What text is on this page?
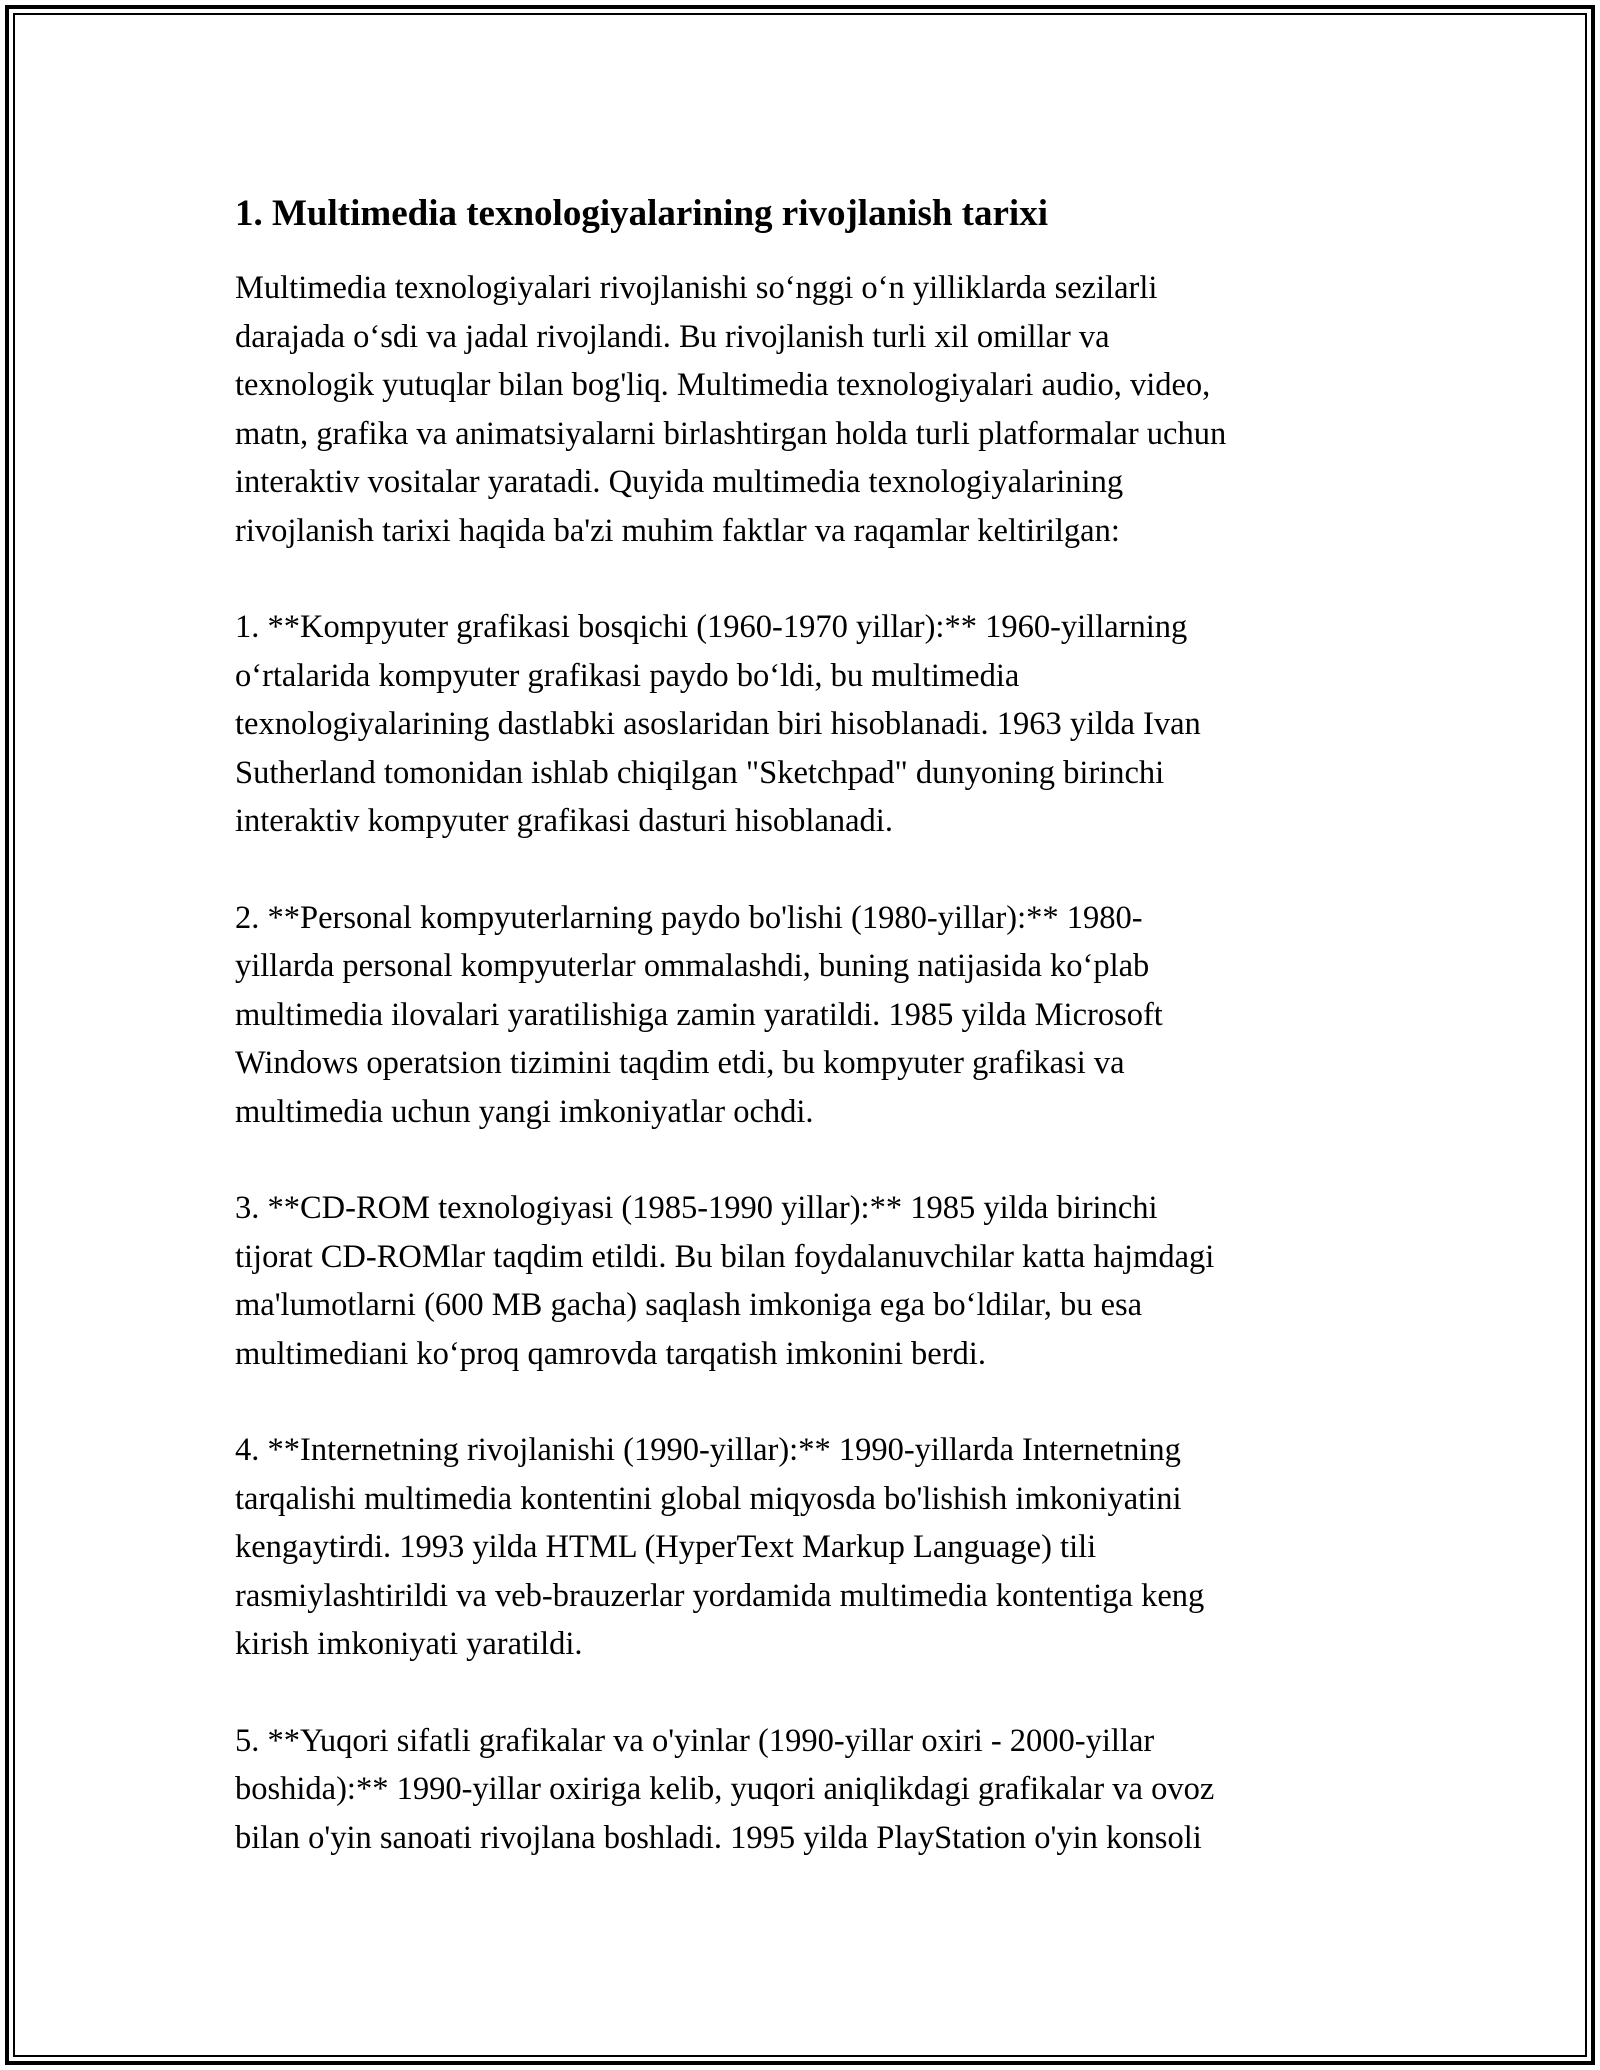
1. Multimedia texnologiyalarining rivojlanish tarixi

Multimedia texnologiyalari rivojlanishi so‘nggi o‘n yilliklarda sezilarli
darajada o‘sdi va jadal rivojlandi. Bu rivojlanish turli xil omillar va
texnologik yutuqlar bilan bog'liq. Multimedia texnologiyalari audio, video,
matn, grafika va animatsiyalarni birlashtirgan holda turli platformalar uchun
interaktiv vositalar yaratadi. Quyida multimedia texnologiyalarining
rivojlanish tarixi haqida ba'zi muhim faktlar va raqamlar keltirilgan:

1. **Kompyuter grafikasi bosqichi (1960-1970 yillar):** 1960-yillarning
o‘rtalarida kompyuter grafikasi paydo bo‘ldi, bu multimedia
texnologiyalarining dastlabki asoslaridan biri hisoblanadi. 1963 yilda Ivan
Sutherland tomonidan ishlab chiqilgan "Sketchpad" dunyoning birinchi
interaktiv kompyuter grafikasi dasturi hisoblanadi.

2. **Personal kompyuterlarning paydo bo'lishi (1980-yillar):** 1980-
yillarda personal kompyuterlar ommalashdi, buning natijasida ko‘plab
multimedia ilovalari yaratilishiga zamin yaratildi. 1985 yilda Microsoft
Windows operatsion tizimini taqdim etdi, bu kompyuter grafikasi va
multimedia uchun yangi imkoniyatlar ochdi.

3. **CD-ROM texnologiyasi (1985-1990 yillar):** 1985 yilda birinchi
tijorat CD-ROMlar taqdim etildi. Bu bilan foydalanuvchilar katta hajmdagi
ma'lumotlarni (600 MB gacha) saqlash imkoniga ega bo‘ldilar, bu esa
multimediani ko‘proq qamrovda tarqatish imkonini berdi.

4. **Internetning rivojlanishi (1990-yillar):** 1990-yillarda Internetning
tarqalishi multimedia kontentini global miqyosda bo'lishish imkoniyatini
kengaytirdi. 1993 yilda HTML (HyperText Markup Language) tili
rasmiylashtirildi va veb-brauzerlar yordamida multimedia kontentiga keng
kirish imkoniyati yaratildi.

5. **Yuqori sifatli grafikalar va o'yinlar (1990-yillar oxiri - 2000-yillar
boshida):** 1990-yillar oxiriga kelib, yuqori aniqlikdagi grafikalar va ovoz
bilan o'yin sanoati rivojlana boshladi. 1995 yilda PlayStation o'yin konsoli
